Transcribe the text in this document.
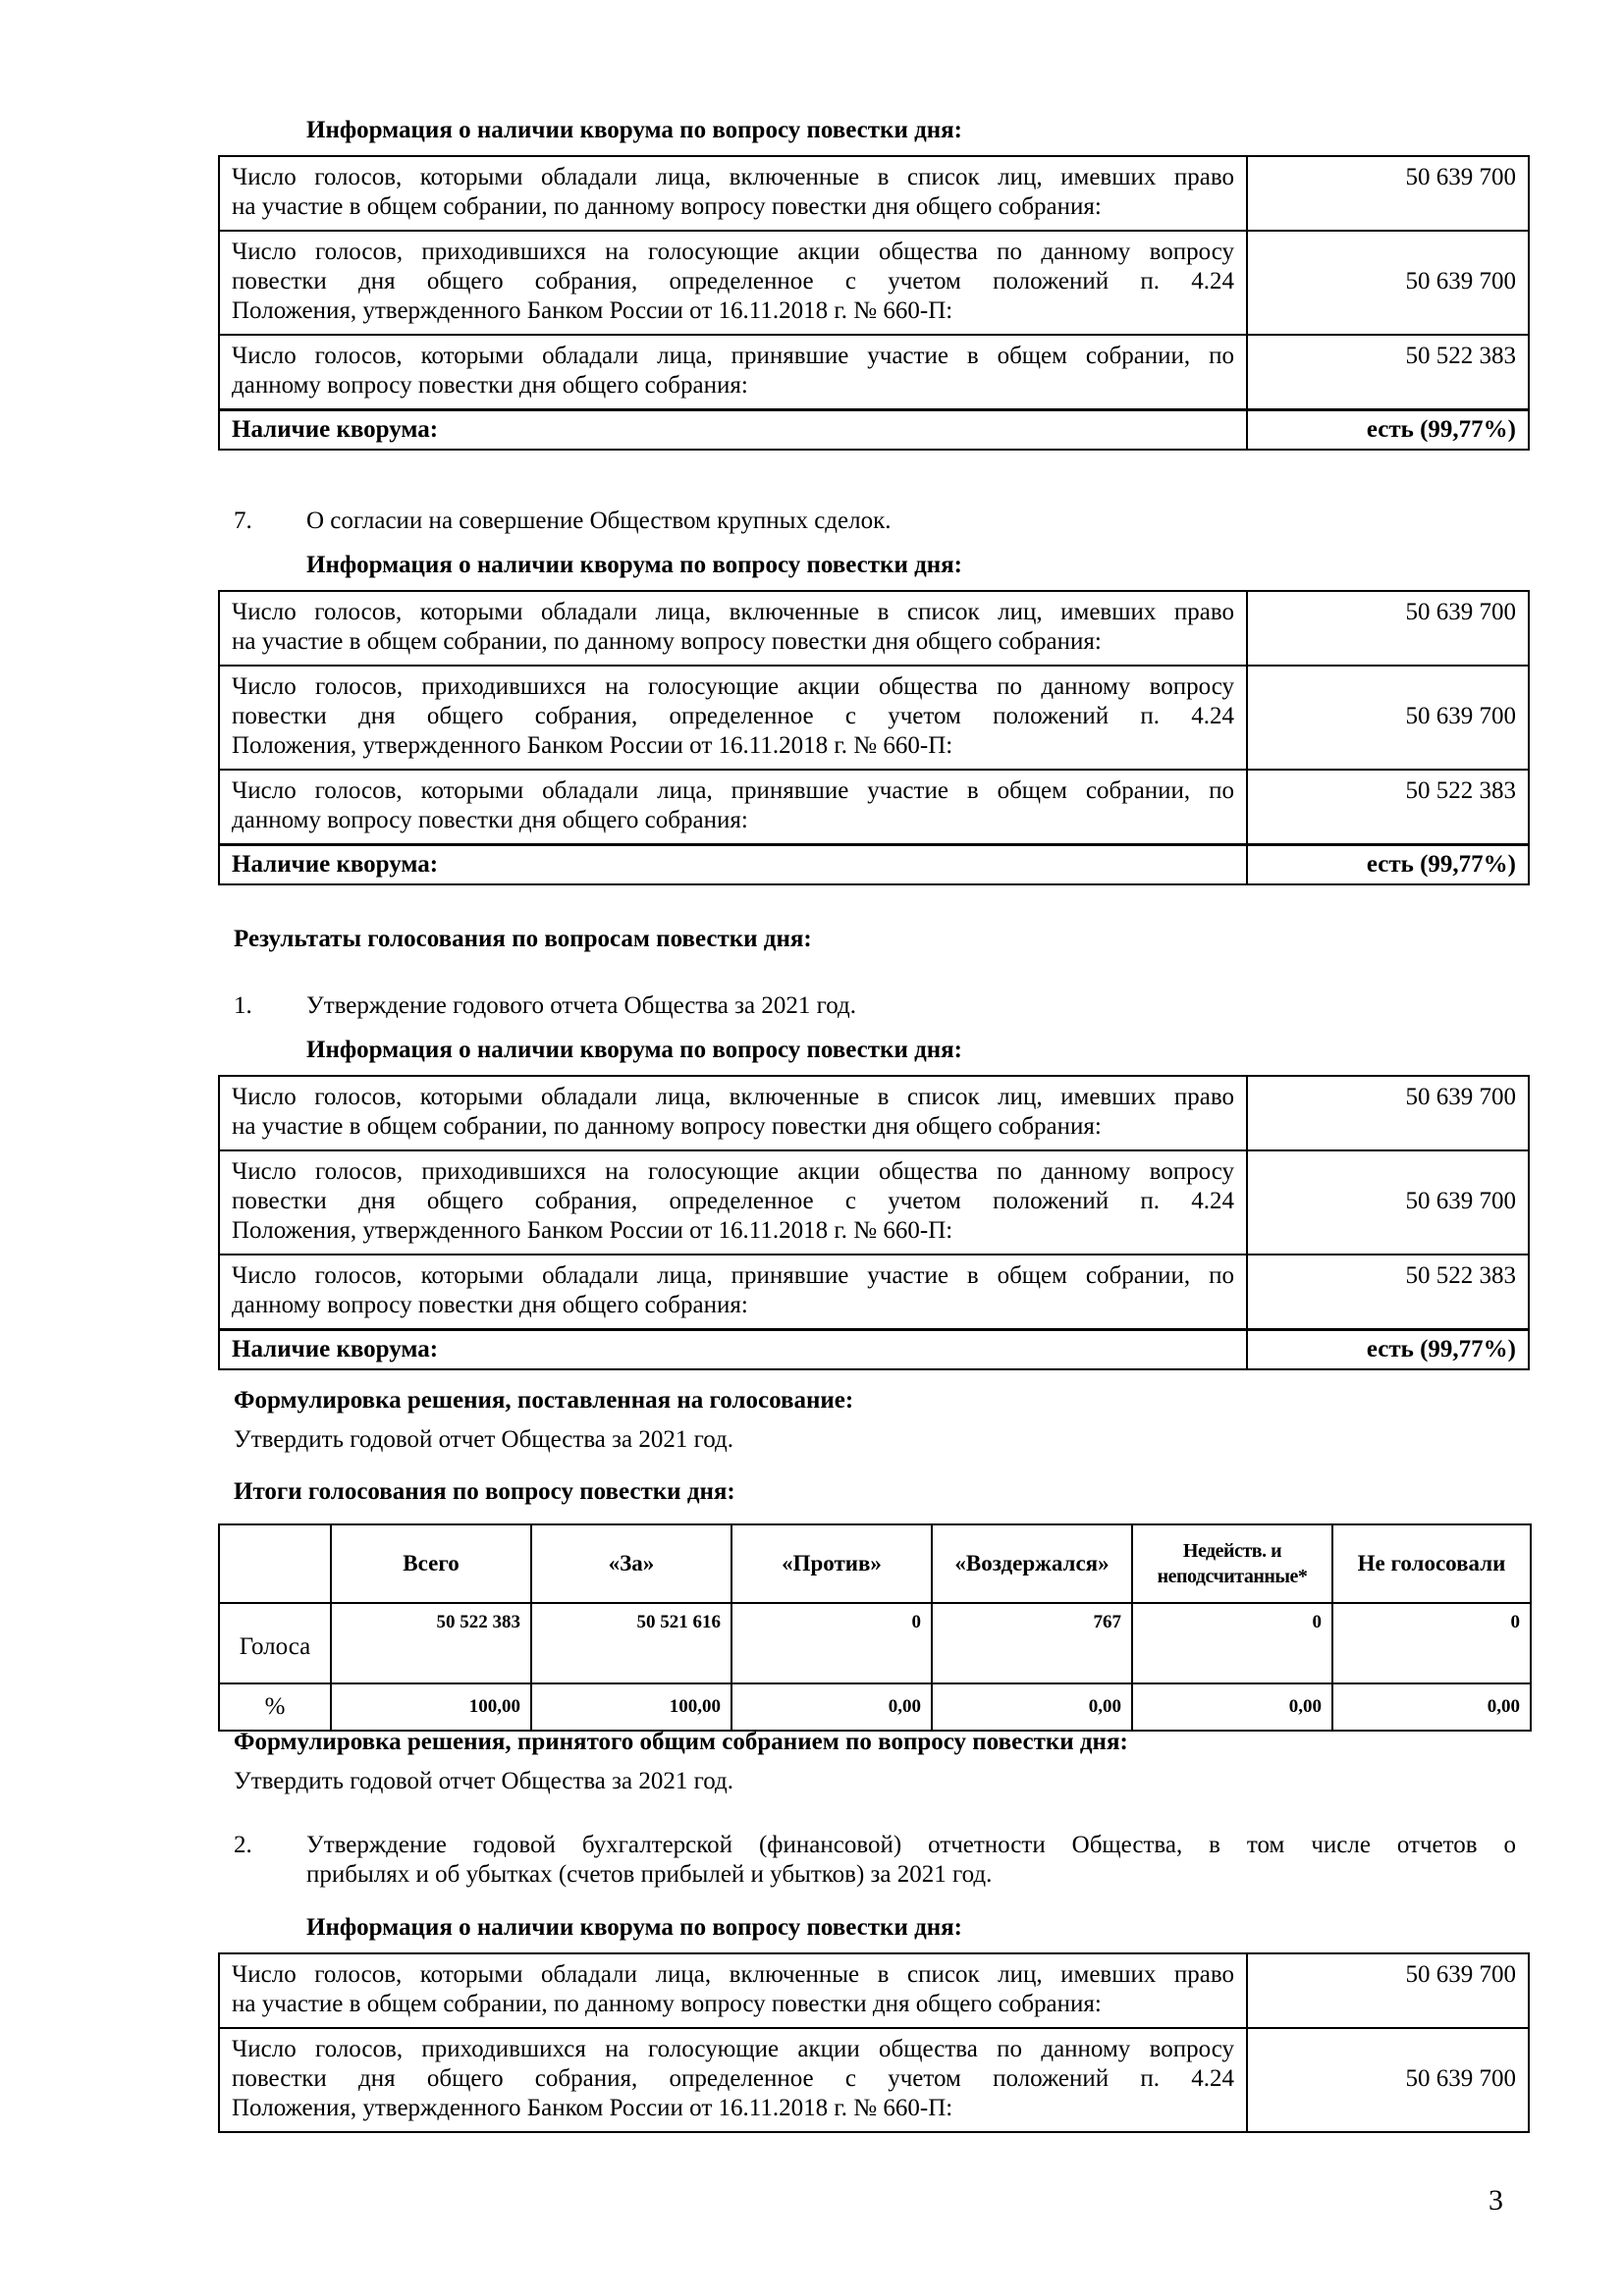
Информация о наличии кворума по вопросу повестки дня:
Число голосов, которыми обладали лица, включенные в список лиц, имевших право
на участие в общем собрании, по данному вопросу повестки дня общего собрания:	50 639 700

Число голосов, приходившихся на голосующие акции общества по данному вопросу
повестки дня общего собрания, определенное с учетом положений п. 4.24
Положения, утвержденного Банком России от 16.11.2018 г. № 660-П:	50 639 700

Число голосов, которыми обладали лица, принявшие участие в общем собрании, по
данному вопросу повестки дня общего собрания:	50 522 383
Наличие кворума:	есть (99,77%)
7. О согласии на совершение Обществом крупных сделок.
Информация о наличии кворума по вопросу повестки дня:
Число голосов, которыми обладали лица, включенные в список лиц, имевших право
на участие в общем собрании, по данному вопросу повестки дня общего собрания:	50 639 700

Число голосов, приходившихся на голосующие акции общества по данному вопросу
повестки дня общего собрания, определенное с учетом положений п. 4.24
Положения, утвержденного Банком России от 16.11.2018 г. № 660-П:	50 639 700

Число голосов, которыми обладали лица, принявшие участие в общем собрании, по
данному вопросу повестки дня общего собрания:	50 522 383
Наличие кворума:	есть (99,77%)
Результаты голосования по вопросам повестки дня:
1. Утверждение годового отчета Общества за 2021 год.
Информация о наличии кворума по вопросу повестки дня:
Число голосов, которыми обладали лица, включенные в список лиц, имевших право
на участие в общем собрании, по данному вопросу повестки дня общего собрания:	50 639 700

Число голосов, приходившихся на голосующие акции общества по данному вопросу
повестки дня общего собрания, определенное с учетом положений п. 4.24
Положения, утвержденного Банком России от 16.11.2018 г. № 660-П:	50 639 700

Число голосов, которыми обладали лица, принявшие участие в общем собрании, по
данному вопросу повестки дня общего собрания:	50 522 383
Наличие кворума:	есть (99,77%)
Формулировка решения, поставленная на голосование:
Утвердить годовой отчет Общества за 2021 год.
Итоги голосования по вопросу повестки дня:
	Всего	«За»	«Против»	«Воздержался»	Недейств. и
неподсчитанные*	Не голосовали
Голоса	50 522 383	50 521 616	0	767	0	0
%	100,00	100,00	0,00	0,00	0,00	0,00
Формулировка решения, принятого общим собранием по вопросу повестки дня:
Утвердить годовой отчет Общества за 2021 год.
2. Утверждение годовой бухгалтерской (финансовой) отчетности Общества, в том числе отчетов о
прибылях и об убытках (счетов прибылей и убытков) за 2021 год.
Информация о наличии кворума по вопросу повестки дня:
Число голосов, которыми обладали лица, включенные в список лиц, имевших право
на участие в общем собрании, по данному вопросу повестки дня общего собрания:	50 639 700

Число голосов, приходившихся на голосующие акции общества по данному вопросу
повестки дня общего собрания, определенное с учетом положений п. 4.24
Положения, утвержденного Банком России от 16.11.2018 г. № 660-П:	50 639 700
3
